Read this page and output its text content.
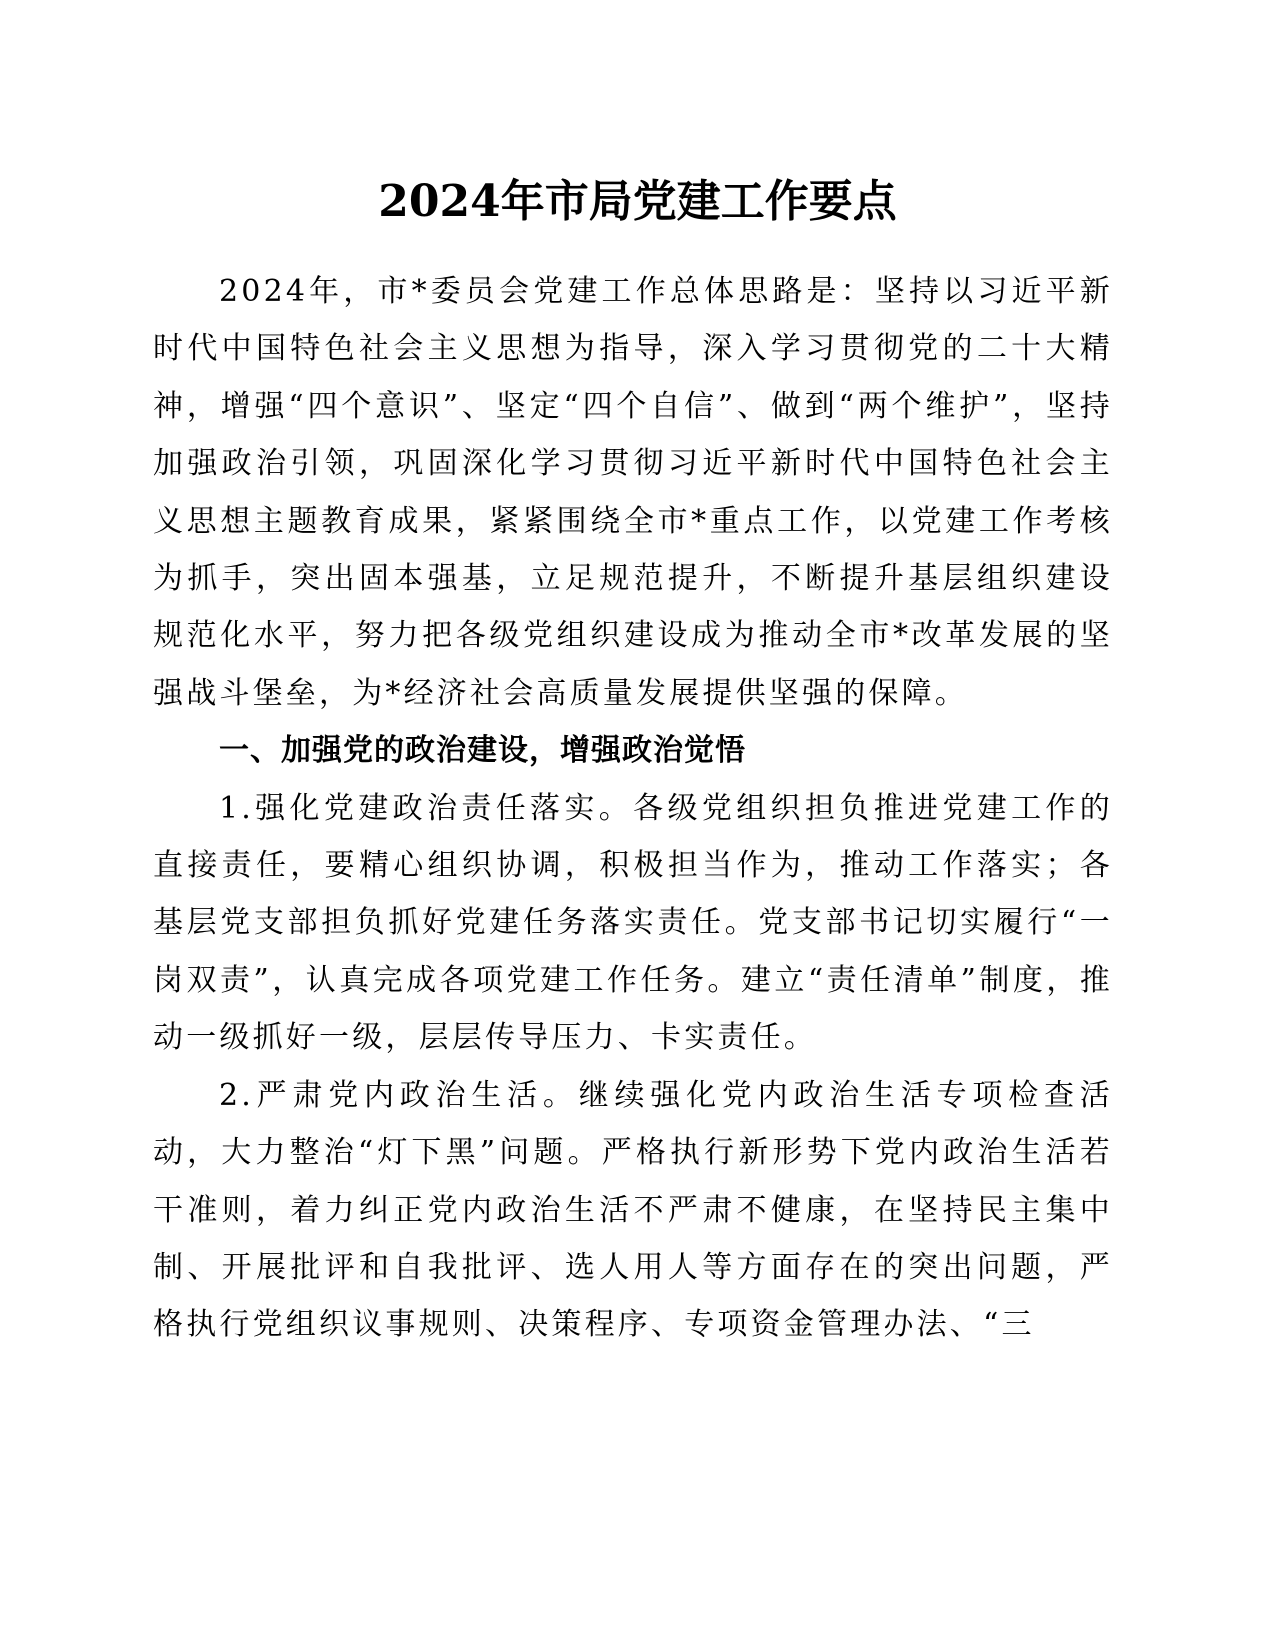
2024年市局党建工作要点

2024年，市*委员会党建工作总体思路是：坚持以习近平新时代中国特色社会主义思想为指导，深入学习贯彻党的二十大精神，增强“四个意识”、坚定“四个自信”、做到“两个维护”，坚持加强政治引领，巩固深化学习贯彻习近平新时代中国特色社会主义思想主题教育成果，紧紧围绕全市*重点工作，以党建工作考核为抓手，突出固本强基，立足规范提升，不断提升基层组织建设规范化水平，努力把各级党组织建设成为推动全市*改革发展的坚强战斗堡垒，为*经济社会高质量发展提供坚强的保障。

一、加强党的政治建设，增强政治觉悟

1.强化党建政治责任落实。各级党组织担负推进党建工作的直接责任，要精心组织协调，积极担当作为，推动工作落实；各基层党支部担负抓好党建任务落实责任。党支部书记切实履行“一岗双责”，认真完成各项党建工作任务。建立“责任清单”制度，推动一级抓好一级，层层传导压力、卡实责任。

2.严肃党内政治生活。继续强化党内政治生活专项检查活动，大力整治“灯下黑”问题。严格执行新形势下党内政治生活若干准则，着力纠正党内政治生活不严肃不健康，在坚持民主集中制、开展批评和自我批评、选人用人等方面存在的突出问题，严格执行党组织议事规则、决策程序、专项资金管理办法、“三
